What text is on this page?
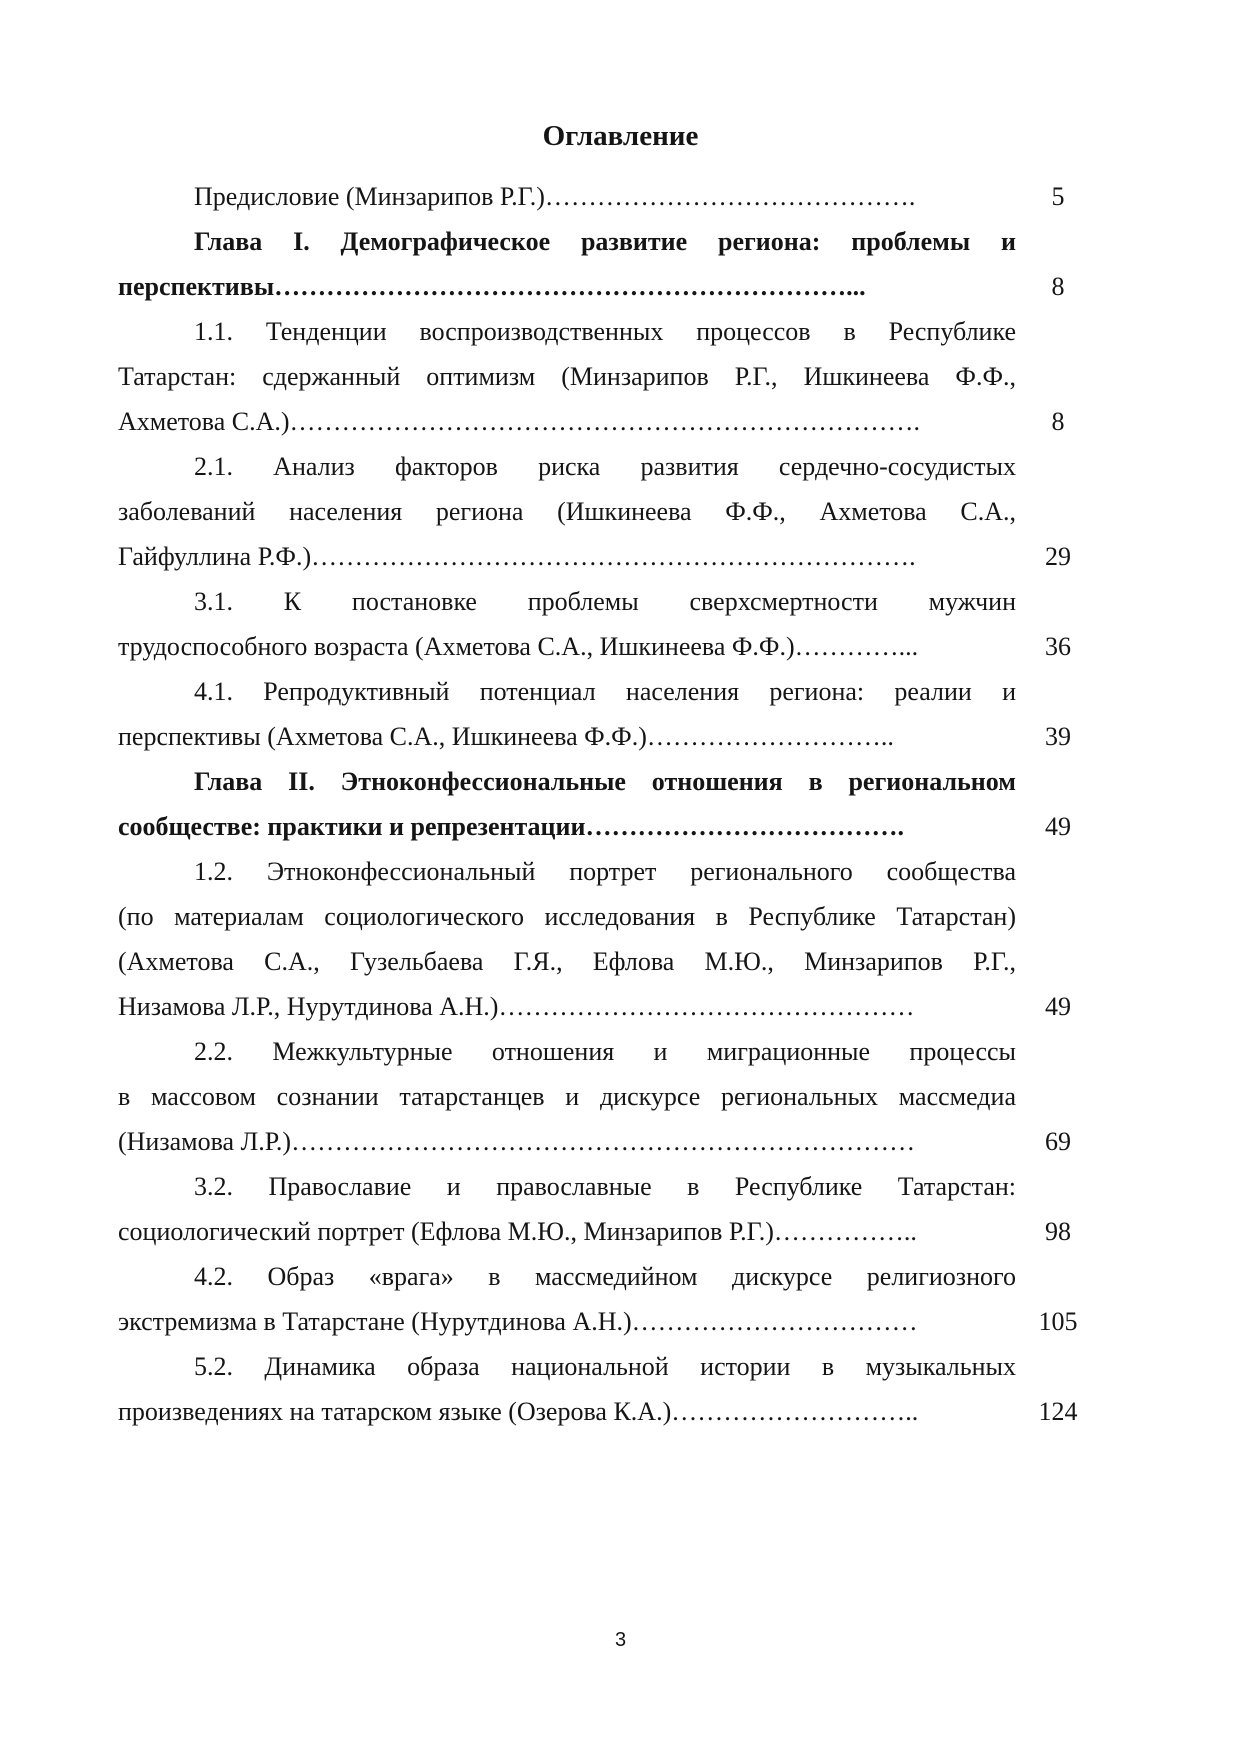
Оглавление
Предисловие (Минзарипов Р.Г.)…………………………………….	5
Глава I. Демографическое развитие региона: проблемы и
перспективы…………………………………………………………...	8
1.1. Тенденции воспроизводственных процессов в Республике
Татарстан: сдержанный оптимизм (Минзарипов Р.Г., Ишкинеева Ф.Ф.,
Ахметова С.А.)……………………………………………………………….	8
2.1. Анализ факторов риска развития сердечно-сосудистых
заболеваний населения региона (Ишкинеева Ф.Ф., Ахметова С.А.,
Гайфуллина Р.Ф.)…………………………………………………………….	29
3.1. К постановке проблемы сверхсмертности мужчин
трудоспособного возраста (Ахметова С.А., Ишкинеева Ф.Ф.)…………...	36
4.1. Репродуктивный потенциал населения региона: реалии и
перспективы (Ахметова С.А., Ишкинеева Ф.Ф.)………………………..	39
Глава II. Этноконфессиональные отношения в региональном
сообществе: практики и репрезентации……………………………….	49
1.2. Этноконфессиональный портрет регионального сообщества
(по материалам социологического исследования в Республике Татарстан)
(Ахметова С.А., Гузельбаева Г.Я., Ефлова М.Ю., Минзарипов Р.Г.,
Низамова Л.Р., Нурутдинова А.Н.)…………………………………………	49
2.2. Межкультурные отношения и миграционные процессы
в массовом сознании татарстанцев и дискурсе региональных массмедиа
(Низамова Л.Р.)………………………………………………………………	69
3.2. Православие и православные в Республике Татарстан:
социологический портрет (Ефлова М.Ю., Минзарипов Р.Г.)……………..	98
4.2. Образ «врага» в массмедийном дискурсе религиозного
экстремизма в Татарстане (Нурутдинова А.Н.)……………………………	105
5.2. Динамика образа национальной истории в музыкальных
произведениях на татарском языке (Озерова К.А.)………………………..	124
3
